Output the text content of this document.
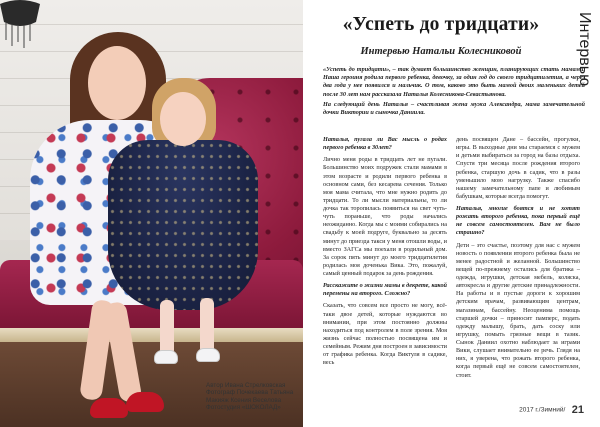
Автор Ивана Стрелковская
Фотограф Почекаева Татьяна
Макияж Ксения Веселова
Фотостудия «ШОКОЛАД»
«Успеть до тридцати»
Интервью Натальи Колесниковой	Интервью

«Успеть до тридцати», – так думает большинство женщин, планирующих стать мамами. Наша героиня родила первого ребенка, девочку, за один год до своего тридцатилетия, а через два года у нее появился и мальчик. О том, каково это быть мамой двоих маленьких детей после 30 лет нам рассказала Наталья Колесникова-Севастьянова.

На следующий день Наталья – счастливая жена мужа Александра, мама замечательной дочки Виктории и сыночка Даниила.

Наталья, пугала ли Вас мысль о родах первого ребенка в 30лет?

Лично меня роды в тридцать лет не пугали. Большинство моих подружек стали мамами в этом возрасте и родили первого ребенка в основном сами, без кесарева сечения. Только моя мама считала, что мне нужно родить до тридцати. То ли мысли материальны, то ли дочка так торопилась появиться на свет чуть-чуть пораньше, что роды начались неожиданно. Когда мы с моими собирались на свадьбу к моей подруге, буквально за десять минут до приезда такси у меня отошли воды, и вместо ЗАГСа мы поехали в родильный дом. За сорок пять минут до моего тридцатилетия родилась моя доченька Вика. Это, пожалуй, самый ценный подарок за день рождения.

Расскажите о жизни мамы в декрете, какой перемены на второго. Сложно?

Сказать, что совсем все просто не могу, всё-таки двое детей, которые нуждаются во внимании, при этом постоянно должны находиться под контролем в поле зрения. Моя жизнь сейчас полностью посвящена им и семейным. Режим дня построен в зависимости от графика ребенка. Когда Виктуля в садике, весь

день посвящен Дане – бассейн, прогулки, игры. В выходные дни мы стараемся с мужем и детьми выбираться за город на базы отдыха. Спустя три месяца после рождения второго ребенка, старшую дочь в садик, что в разы уменьшило мою нагрузку. Также спасибо нашему замечательному папе и любимым бабушкам, которые всегда помогут.

Наталья, многие боятся и не хотят рожать второго ребенка, пока первый ещё не совсем самостоятелен. Вам не было страшно?

Дети – это счастье, поэтому для нас с мужем новость о появлении второго ребенка была не менее радостной и желанной. Большинство вещей по-прежнему остались для братика – одежда, игрушки, детская мебель, коляска, автокресла и другие детские принадлежности. На работы и в пустые дороги к хорошим детским врачам, развивающим центрам, магазинам, бассейну. Неоценима помощь старшей дочки – приносит памперс, подать одежду малышу, брать, дать соску или игрушку, помыть грязные вещи в тазик. Сынок Даниил охотно наблюдает за играми Вики, слушает внимательно ее речь. Глядя на них, я уверена, что рожать второго ребенка, когда первый ещё не совсем самостоятелен, стоит.

2017 г./Зимний/ 21
